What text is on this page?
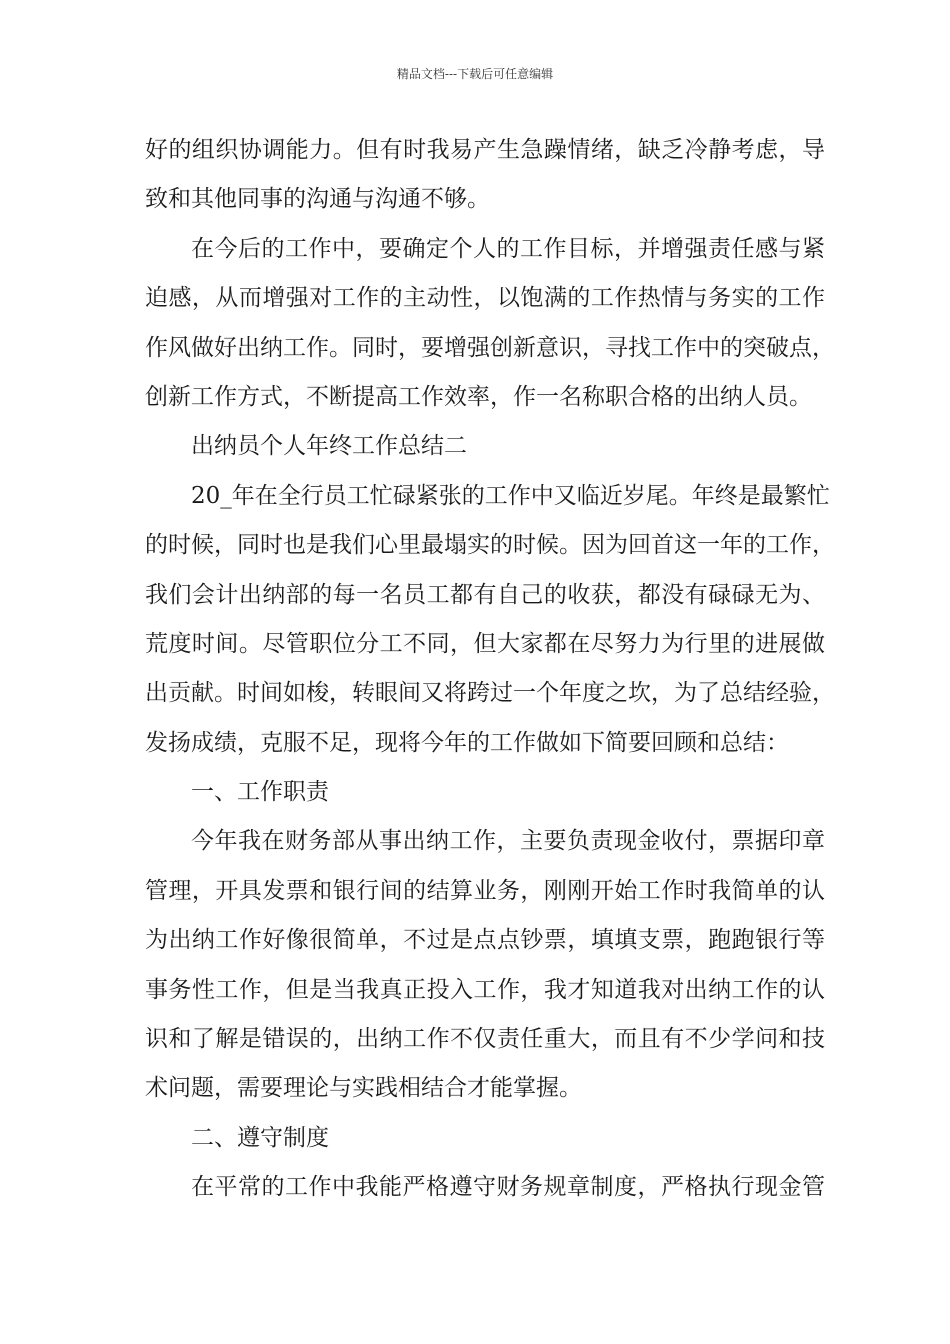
精品文档---下载后可任意编辑
好的组织协调能力。但有时我易产生急躁情绪，缺乏冷静考虑，导
致和其他同事的沟通与沟通不够。
在今后的工作中，要确定个人的工作目标，并增强责任感与紧
迫感，从而增强对工作的主动性，以饱满的工作热情与务实的工作
作风做好出纳工作。同时，要增强创新意识，寻找工作中的突破点，
创新工作方式，不断提高工作效率，作一名称职合格的出纳人员。
出纳员个人年终工作总结二
20_年在全行员工忙碌紧张的工作中又临近岁尾。年终是最繁忙
的时候，同时也是我们心里最塌实的时候。因为回首这一年的工作，
我们会计出纳部的每一名员工都有自己的收获，都没有碌碌无为、
荒度时间。尽管职位分工不同，但大家都在尽努力为行里的进展做
出贡献。时间如梭，转眼间又将跨过一个年度之坎，为了总结经验，
发扬成绩，克服不足，现将今年的工作做如下简要回顾和总结：
一、工作职责
今年我在财务部从事出纳工作，主要负责现金收付，票据印章
管理，开具发票和银行间的结算业务，刚刚开始工作时我简单的认
为出纳工作好像很简单，不过是点点钞票，填填支票，跑跑银行等
事务性工作，但是当我真正投入工作，我才知道我对出纳工作的认
识和了解是错误的，出纳工作不仅责任重大，而且有不少学问和技
术问题，需要理论与实践相结合才能掌握。
二、遵守制度
在平常的工作中我能严格遵守财务规章制度，严格执行现金管
